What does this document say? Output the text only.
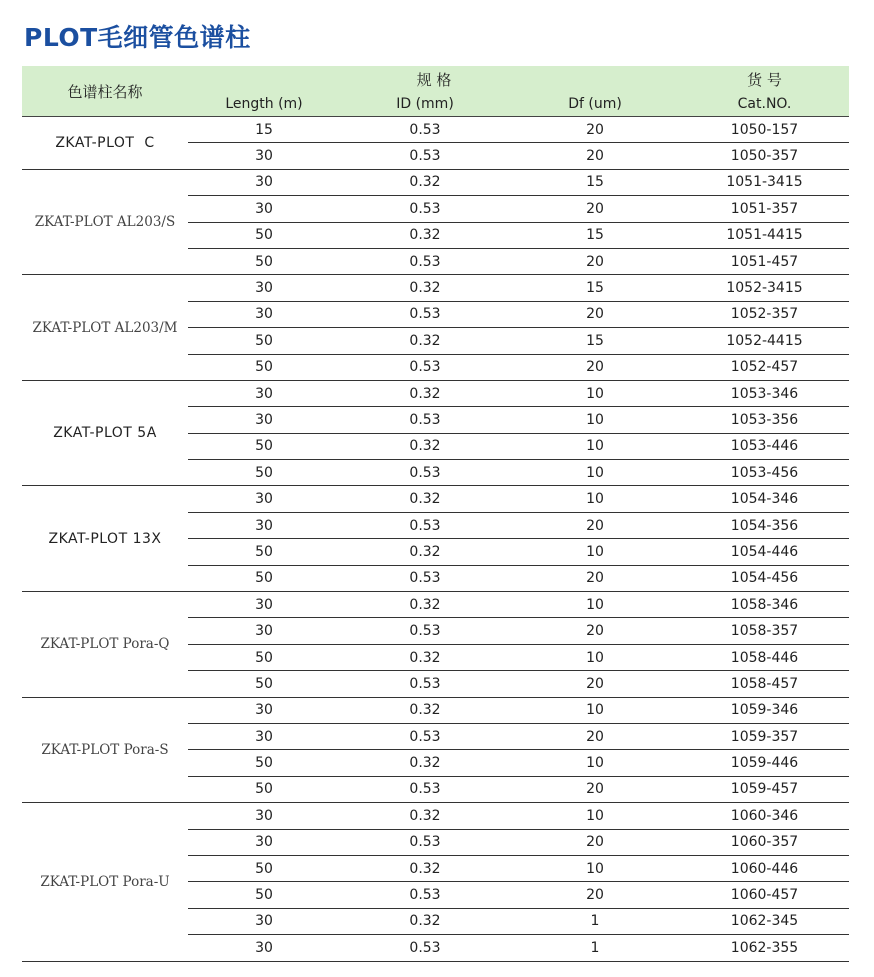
PLOT毛细管色谱柱
色谱柱名称	规 格			货 号
	Length (m)	ID (mm)	Df (um)	Cat.NO.
ZKAT-PLOT  C	15	0.53	20	1050-157
	30	0.53	20	1050-357
ZKAT-PLOT AL203/S	30	0.32	15	1051-3415
	30	0.53	20	1051-357
	50	0.32	15	1051-4415
	50	0.53	20	1051-457
ZKAT-PLOT AL203/M	30	0.32	15	1052-3415
	30	0.53	20	1052-357
	50	0.32	15	1052-4415
	50	0.53	20	1052-457
ZKAT-PLOT 5A	30	0.32	10	1053-346
	30	0.53	10	1053-356
	50	0.32	10	1053-446
	50	0.53	10	1053-456
ZKAT-PLOT 13X	30	0.32	10	1054-346
	30	0.53	20	1054-356
	50	0.32	10	1054-446
	50	0.53	20	1054-456
ZKAT-PLOT Pora-Q	30	0.32	10	1058-346
	30	0.53	20	1058-357
	50	0.32	10	1058-446
	50	0.53	20	1058-457
ZKAT-PLOT Pora-S	30	0.32	10	1059-346
	30	0.53	20	1059-357
	50	0.32	10	1059-446
	50	0.53	20	1059-457
ZKAT-PLOT Pora-U	30	0.32	10	1060-346
	30	0.53	20	1060-357
	50	0.32	10	1060-446
	50	0.53	20	1060-457
	30	0.32	1	1062-345
	30	0.53	1	1062-355
